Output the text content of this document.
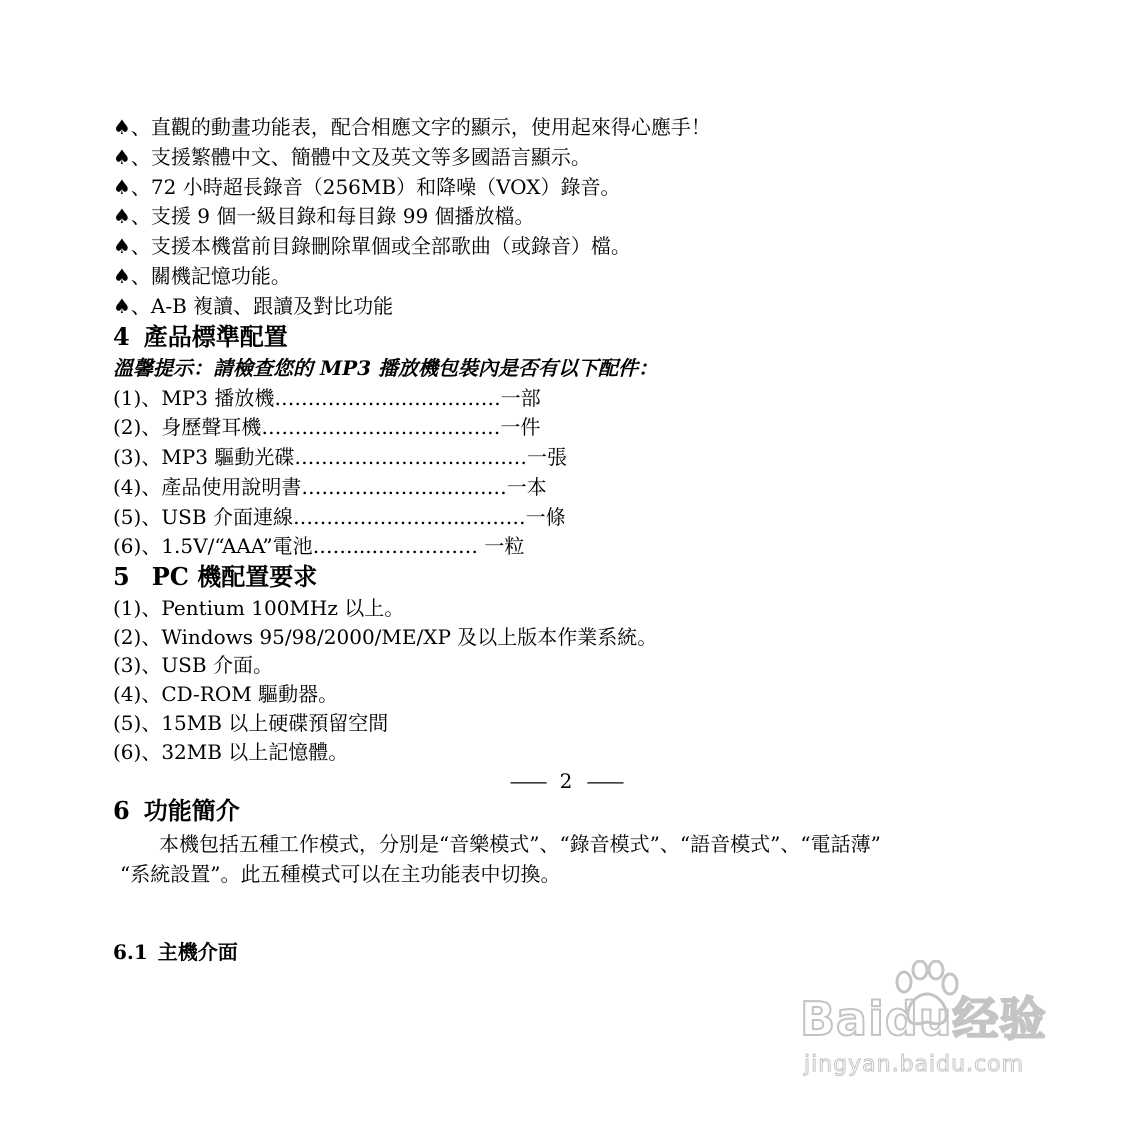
♠、直觀的動畫功能表，配合相應文字的顯示，使用起來得心應手！
♠、支援繁體中文、簡體中文及英文等多國語言顯示。
♠、72 小時超長錄音（256MB）和降噪（VOX）錄音。
♠、支援 9 個一級目錄和每目錄 99 個播放檔。
♠、支援本機當前目錄刪除單個或全部歌曲（或錄音）檔。
♠、關機記憶功能。
♠、A-B 複讀、跟讀及對比功能
4 產品標準配置
溫馨提示：請檢查您的 MP3 播放機包裝內是否有以下配件：
(1)、MP3 播放機……………….……………一部
(2)、身歷聲耳機………………..…….………一件
(3)、MP3 驅動光碟……………………..………一張
(4)、產品使用說明書…………..……..………一本
(5)、USB 介面連線……………………..………一條
(6)、1.5V/“AAA”電池……....…………… 一粒
5 PC 機配置要求
(1)、Pentium 100MHz 以上。
(2)、Windows 95/98/2000/ME/XP 及以上版本作業系統。
(3)、USB 介面。
(4)、CD-ROM 驅動器。
(5)、15MB 以上硬碟預留空間
(6)、32MB 以上記憶體。
—— 2 ——
6 功能簡介
本機包括五種工作模式，分別是“音樂模式”、“錄音模式”、“語音模式”、“電話薄”
“系統設置”。此五種模式可以在主功能表中切換。
6.1 主機介面
Baidu经验
jingyan.baidu.com
